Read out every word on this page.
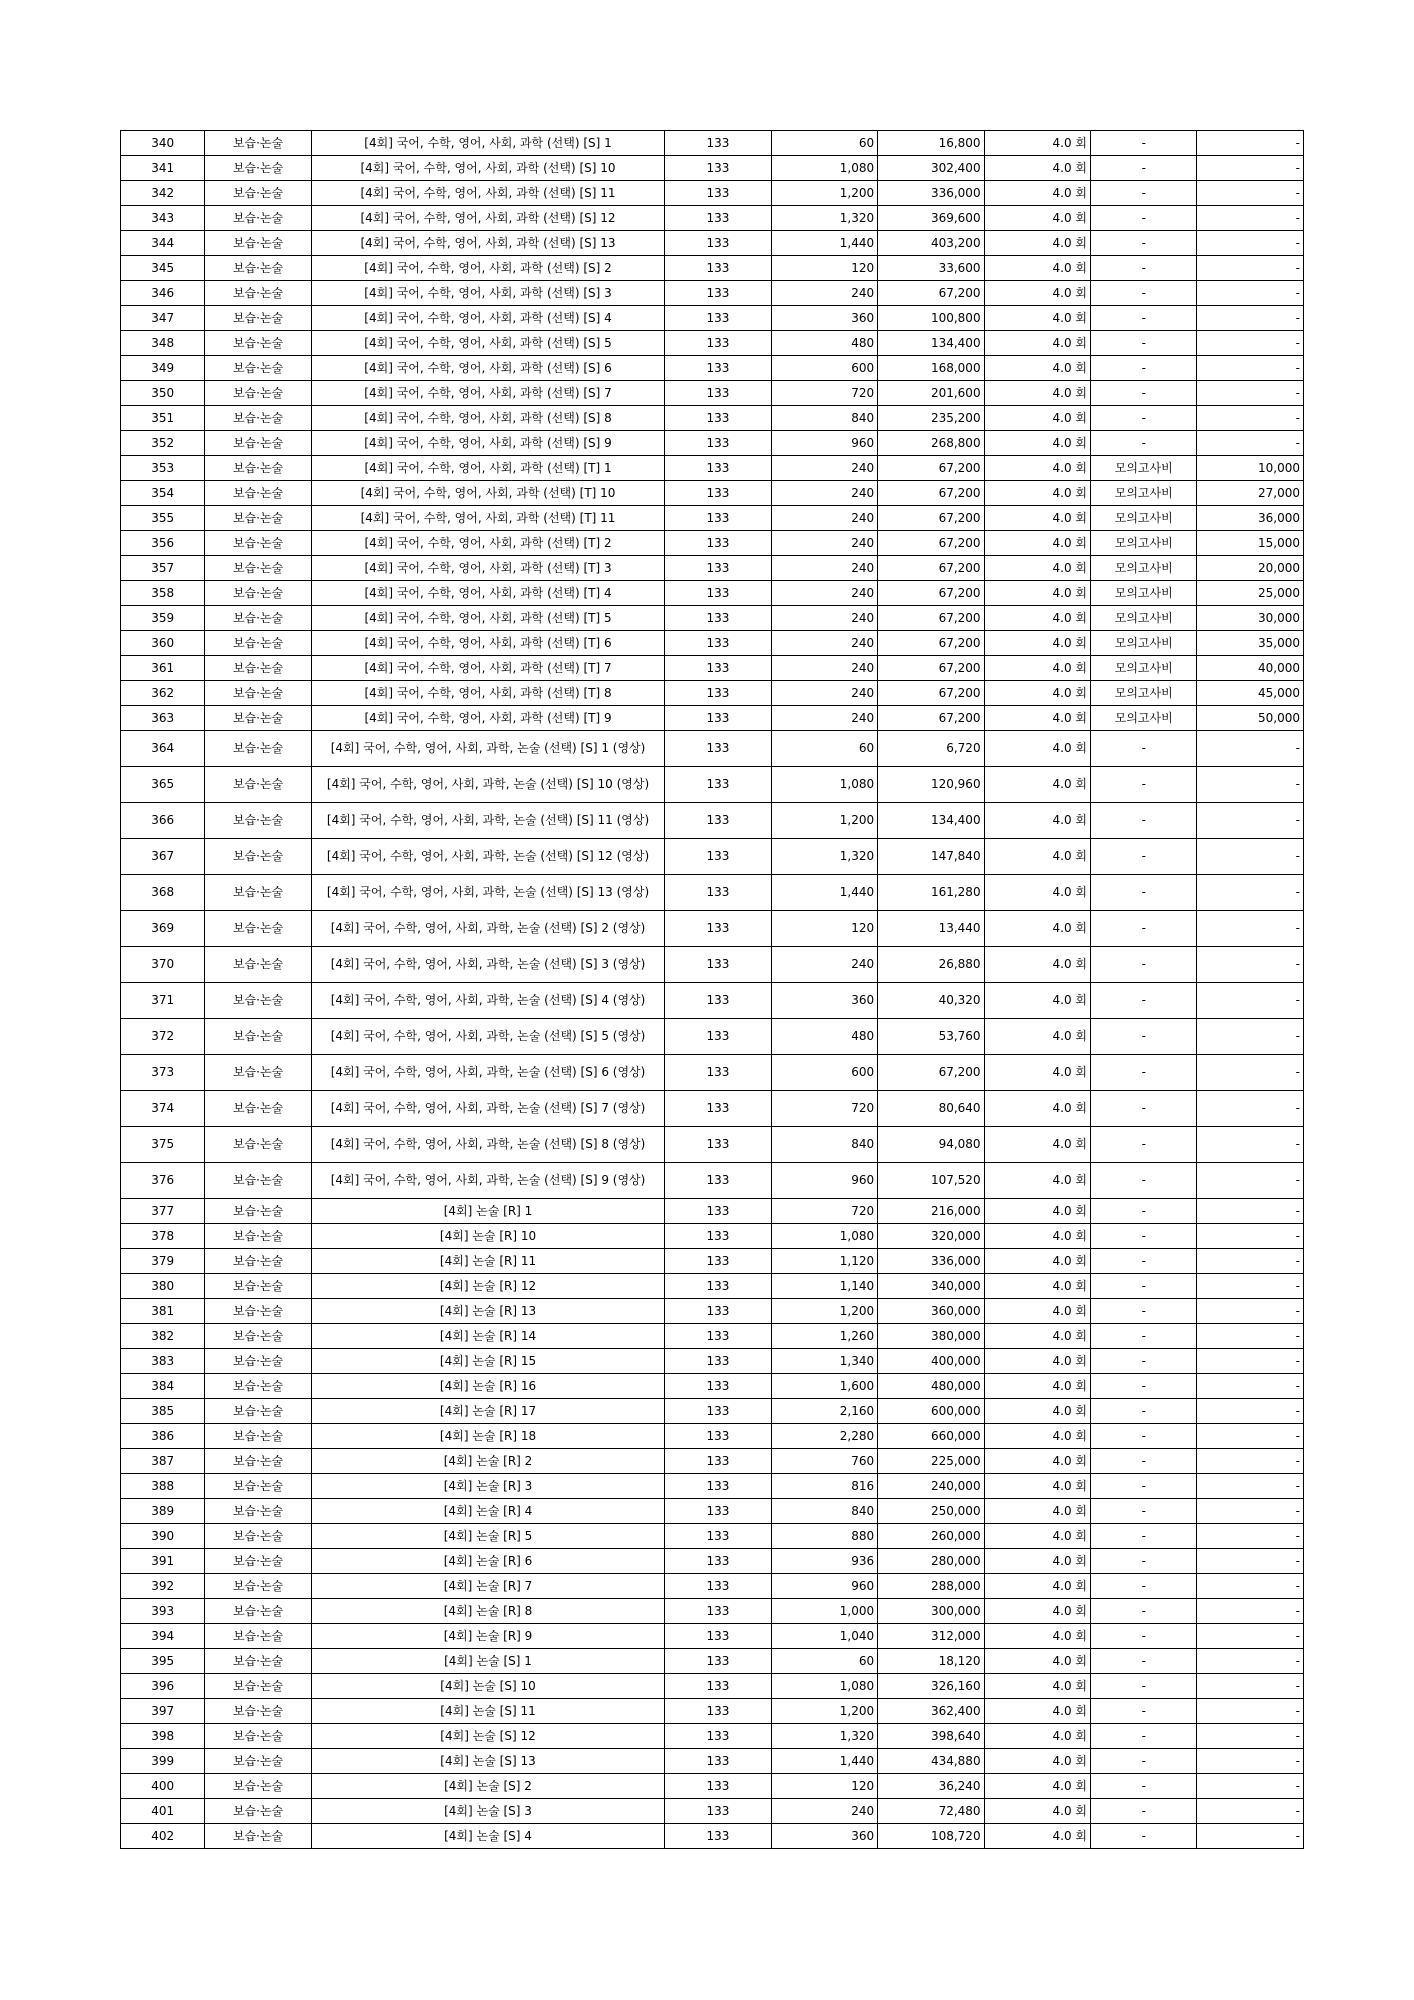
340	보습·논술	[4회] 국어, 수학, 영어, 사회, 과학 (선택) [S] 1	133	60	16,800	4.0 회	-	-
341	보습·논술	[4회] 국어, 수학, 영어, 사회, 과학 (선택) [S] 10	133	1,080	302,400	4.0 회	-	-
342	보습·논술	[4회] 국어, 수학, 영어, 사회, 과학 (선택) [S] 11	133	1,200	336,000	4.0 회	-	-
343	보습·논술	[4회] 국어, 수학, 영어, 사회, 과학 (선택) [S] 12	133	1,320	369,600	4.0 회	-	-
344	보습·논술	[4회] 국어, 수학, 영어, 사회, 과학 (선택) [S] 13	133	1,440	403,200	4.0 회	-	-
345	보습·논술	[4회] 국어, 수학, 영어, 사회, 과학 (선택) [S] 2	133	120	33,600	4.0 회	-	-
346	보습·논술	[4회] 국어, 수학, 영어, 사회, 과학 (선택) [S] 3	133	240	67,200	4.0 회	-	-
347	보습·논술	[4회] 국어, 수학, 영어, 사회, 과학 (선택) [S] 4	133	360	100,800	4.0 회	-	-
348	보습·논술	[4회] 국어, 수학, 영어, 사회, 과학 (선택) [S] 5	133	480	134,400	4.0 회	-	-
349	보습·논술	[4회] 국어, 수학, 영어, 사회, 과학 (선택) [S] 6	133	600	168,000	4.0 회	-	-
350	보습·논술	[4회] 국어, 수학, 영어, 사회, 과학 (선택) [S] 7	133	720	201,600	4.0 회	-	-
351	보습·논술	[4회] 국어, 수학, 영어, 사회, 과학 (선택) [S] 8	133	840	235,200	4.0 회	-	-
352	보습·논술	[4회] 국어, 수학, 영어, 사회, 과학 (선택) [S] 9	133	960	268,800	4.0 회	-	-
353	보습·논술	[4회] 국어, 수학, 영어, 사회, 과학 (선택) [T] 1	133	240	67,200	4.0 회	모의고사비	10,000
354	보습·논술	[4회] 국어, 수학, 영어, 사회, 과학 (선택) [T] 10	133	240	67,200	4.0 회	모의고사비	27,000
355	보습·논술	[4회] 국어, 수학, 영어, 사회, 과학 (선택) [T] 11	133	240	67,200	4.0 회	모의고사비	36,000
356	보습·논술	[4회] 국어, 수학, 영어, 사회, 과학 (선택) [T] 2	133	240	67,200	4.0 회	모의고사비	15,000
357	보습·논술	[4회] 국어, 수학, 영어, 사회, 과학 (선택) [T] 3	133	240	67,200	4.0 회	모의고사비	20,000
358	보습·논술	[4회] 국어, 수학, 영어, 사회, 과학 (선택) [T] 4	133	240	67,200	4.0 회	모의고사비	25,000
359	보습·논술	[4회] 국어, 수학, 영어, 사회, 과학 (선택) [T] 5	133	240	67,200	4.0 회	모의고사비	30,000
360	보습·논술	[4회] 국어, 수학, 영어, 사회, 과학 (선택) [T] 6	133	240	67,200	4.0 회	모의고사비	35,000
361	보습·논술	[4회] 국어, 수학, 영어, 사회, 과학 (선택) [T] 7	133	240	67,200	4.0 회	모의고사비	40,000
362	보습·논술	[4회] 국어, 수학, 영어, 사회, 과학 (선택) [T] 8	133	240	67,200	4.0 회	모의고사비	45,000
363	보습·논술	[4회] 국어, 수학, 영어, 사회, 과학 (선택) [T] 9	133	240	67,200	4.0 회	모의고사비	50,000
364	보습·논술	[4회] 국어, 수학, 영어, 사회, 과학, 논술 (선택) [S] 1 (영상)	133	60	6,720	4.0 회	-	-
365	보습·논술	[4회] 국어, 수학, 영어, 사회, 과학, 논술 (선택) [S] 10 (영상)	133	1,080	120,960	4.0 회	-	-
366	보습·논술	[4회] 국어, 수학, 영어, 사회, 과학, 논술 (선택) [S] 11 (영상)	133	1,200	134,400	4.0 회	-	-
367	보습·논술	[4회] 국어, 수학, 영어, 사회, 과학, 논술 (선택) [S] 12 (영상)	133	1,320	147,840	4.0 회	-	-
368	보습·논술	[4회] 국어, 수학, 영어, 사회, 과학, 논술 (선택) [S] 13 (영상)	133	1,440	161,280	4.0 회	-	-
369	보습·논술	[4회] 국어, 수학, 영어, 사회, 과학, 논술 (선택) [S] 2 (영상)	133	120	13,440	4.0 회	-	-
370	보습·논술	[4회] 국어, 수학, 영어, 사회, 과학, 논술 (선택) [S] 3 (영상)	133	240	26,880	4.0 회	-	-
371	보습·논술	[4회] 국어, 수학, 영어, 사회, 과학, 논술 (선택) [S] 4 (영상)	133	360	40,320	4.0 회	-	-
372	보습·논술	[4회] 국어, 수학, 영어, 사회, 과학, 논술 (선택) [S] 5 (영상)	133	480	53,760	4.0 회	-	-
373	보습·논술	[4회] 국어, 수학, 영어, 사회, 과학, 논술 (선택) [S] 6 (영상)	133	600	67,200	4.0 회	-	-
374	보습·논술	[4회] 국어, 수학, 영어, 사회, 과학, 논술 (선택) [S] 7 (영상)	133	720	80,640	4.0 회	-	-
375	보습·논술	[4회] 국어, 수학, 영어, 사회, 과학, 논술 (선택) [S] 8 (영상)	133	840	94,080	4.0 회	-	-
376	보습·논술	[4회] 국어, 수학, 영어, 사회, 과학, 논술 (선택) [S] 9 (영상)	133	960	107,520	4.0 회	-	-
377	보습·논술	[4회] 논술 [R] 1	133	720	216,000	4.0 회	-	-
378	보습·논술	[4회] 논술 [R] 10	133	1,080	320,000	4.0 회	-	-
379	보습·논술	[4회] 논술 [R] 11	133	1,120	336,000	4.0 회	-	-
380	보습·논술	[4회] 논술 [R] 12	133	1,140	340,000	4.0 회	-	-
381	보습·논술	[4회] 논술 [R] 13	133	1,200	360,000	4.0 회	-	-
382	보습·논술	[4회] 논술 [R] 14	133	1,260	380,000	4.0 회	-	-
383	보습·논술	[4회] 논술 [R] 15	133	1,340	400,000	4.0 회	-	-
384	보습·논술	[4회] 논술 [R] 16	133	1,600	480,000	4.0 회	-	-
385	보습·논술	[4회] 논술 [R] 17	133	2,160	600,000	4.0 회	-	-
386	보습·논술	[4회] 논술 [R] 18	133	2,280	660,000	4.0 회	-	-
387	보습·논술	[4회] 논술 [R] 2	133	760	225,000	4.0 회	-	-
388	보습·논술	[4회] 논술 [R] 3	133	816	240,000	4.0 회	-	-
389	보습·논술	[4회] 논술 [R] 4	133	840	250,000	4.0 회	-	-
390	보습·논술	[4회] 논술 [R] 5	133	880	260,000	4.0 회	-	-
391	보습·논술	[4회] 논술 [R] 6	133	936	280,000	4.0 회	-	-
392	보습·논술	[4회] 논술 [R] 7	133	960	288,000	4.0 회	-	-
393	보습·논술	[4회] 논술 [R] 8	133	1,000	300,000	4.0 회	-	-
394	보습·논술	[4회] 논술 [R] 9	133	1,040	312,000	4.0 회	-	-
395	보습·논술	[4회] 논술 [S] 1	133	60	18,120	4.0 회	-	-
396	보습·논술	[4회] 논술 [S] 10	133	1,080	326,160	4.0 회	-	-
397	보습·논술	[4회] 논술 [S] 11	133	1,200	362,400	4.0 회	-	-
398	보습·논술	[4회] 논술 [S] 12	133	1,320	398,640	4.0 회	-	-
399	보습·논술	[4회] 논술 [S] 13	133	1,440	434,880	4.0 회	-	-
400	보습·논술	[4회] 논술 [S] 2	133	120	36,240	4.0 회	-	-
401	보습·논술	[4회] 논술 [S] 3	133	240	72,480	4.0 회	-	-
402	보습·논술	[4회] 논술 [S] 4	133	360	108,720	4.0 회	-	-
